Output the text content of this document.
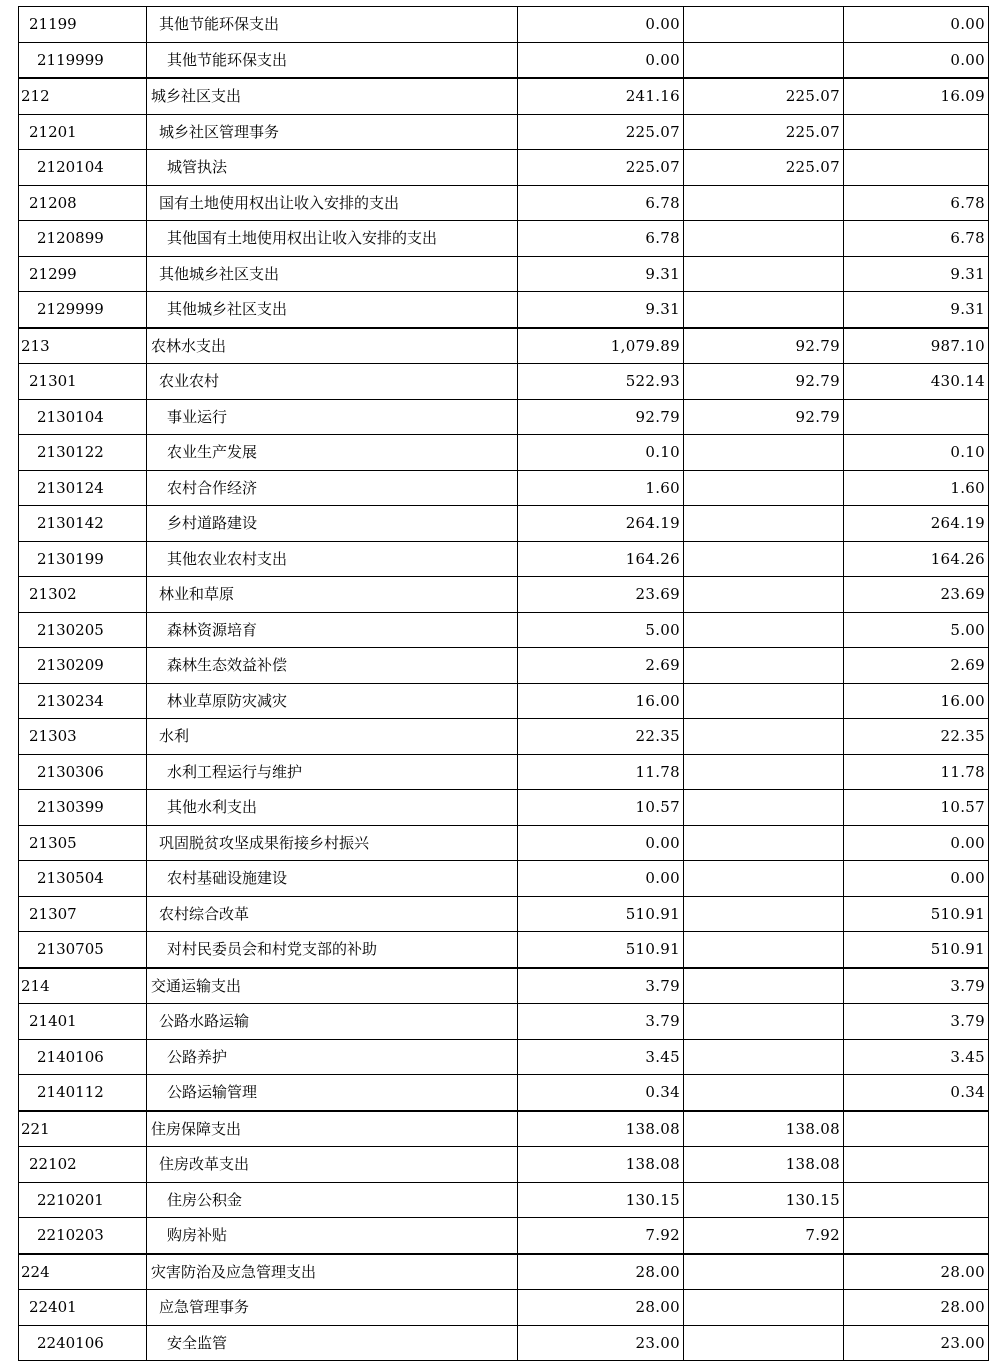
21199	其他节能环保支出	0.00		0.00
2119999	其他节能环保支出	0.00		0.00
212	城乡社区支出	241.16	225.07	16.09
21201	城乡社区管理事务	225.07	225.07	
2120104	城管执法	225.07	225.07	
21208	国有土地使用权出让收入安排的支出	6.78		6.78
2120899	其他国有土地使用权出让收入安排的支出	6.78		6.78
21299	其他城乡社区支出	9.31		9.31
2129999	其他城乡社区支出	9.31		9.31
213	农林水支出	1,079.89	92.79	987.10
21301	农业农村	522.93	92.79	430.14
2130104	事业运行	92.79	92.79	
2130122	农业生产发展	0.10		0.10
2130124	农村合作经济	1.60		1.60
2130142	乡村道路建设	264.19		264.19
2130199	其他农业农村支出	164.26		164.26
21302	林业和草原	23.69		23.69
2130205	森林资源培育	5.00		5.00
2130209	森林生态效益补偿	2.69		2.69
2130234	林业草原防灾减灾	16.00		16.00
21303	水利	22.35		22.35
2130306	水利工程运行与维护	11.78		11.78
2130399	其他水利支出	10.57		10.57
21305	巩固脱贫攻坚成果衔接乡村振兴	0.00		0.00
2130504	农村基础设施建设	0.00		0.00
21307	农村综合改革	510.91		510.91
2130705	对村民委员会和村党支部的补助	510.91		510.91
214	交通运输支出	3.79		3.79
21401	公路水路运输	3.79		3.79
2140106	公路养护	3.45		3.45
2140112	公路运输管理	0.34		0.34
221	住房保障支出	138.08	138.08	
22102	住房改革支出	138.08	138.08	
2210201	住房公积金	130.15	130.15	
2210203	购房补贴	7.92	7.92	
224	灾害防治及应急管理支出	28.00		28.00
22401	应急管理事务	28.00		28.00
2240106	安全监管	23.00		23.00
